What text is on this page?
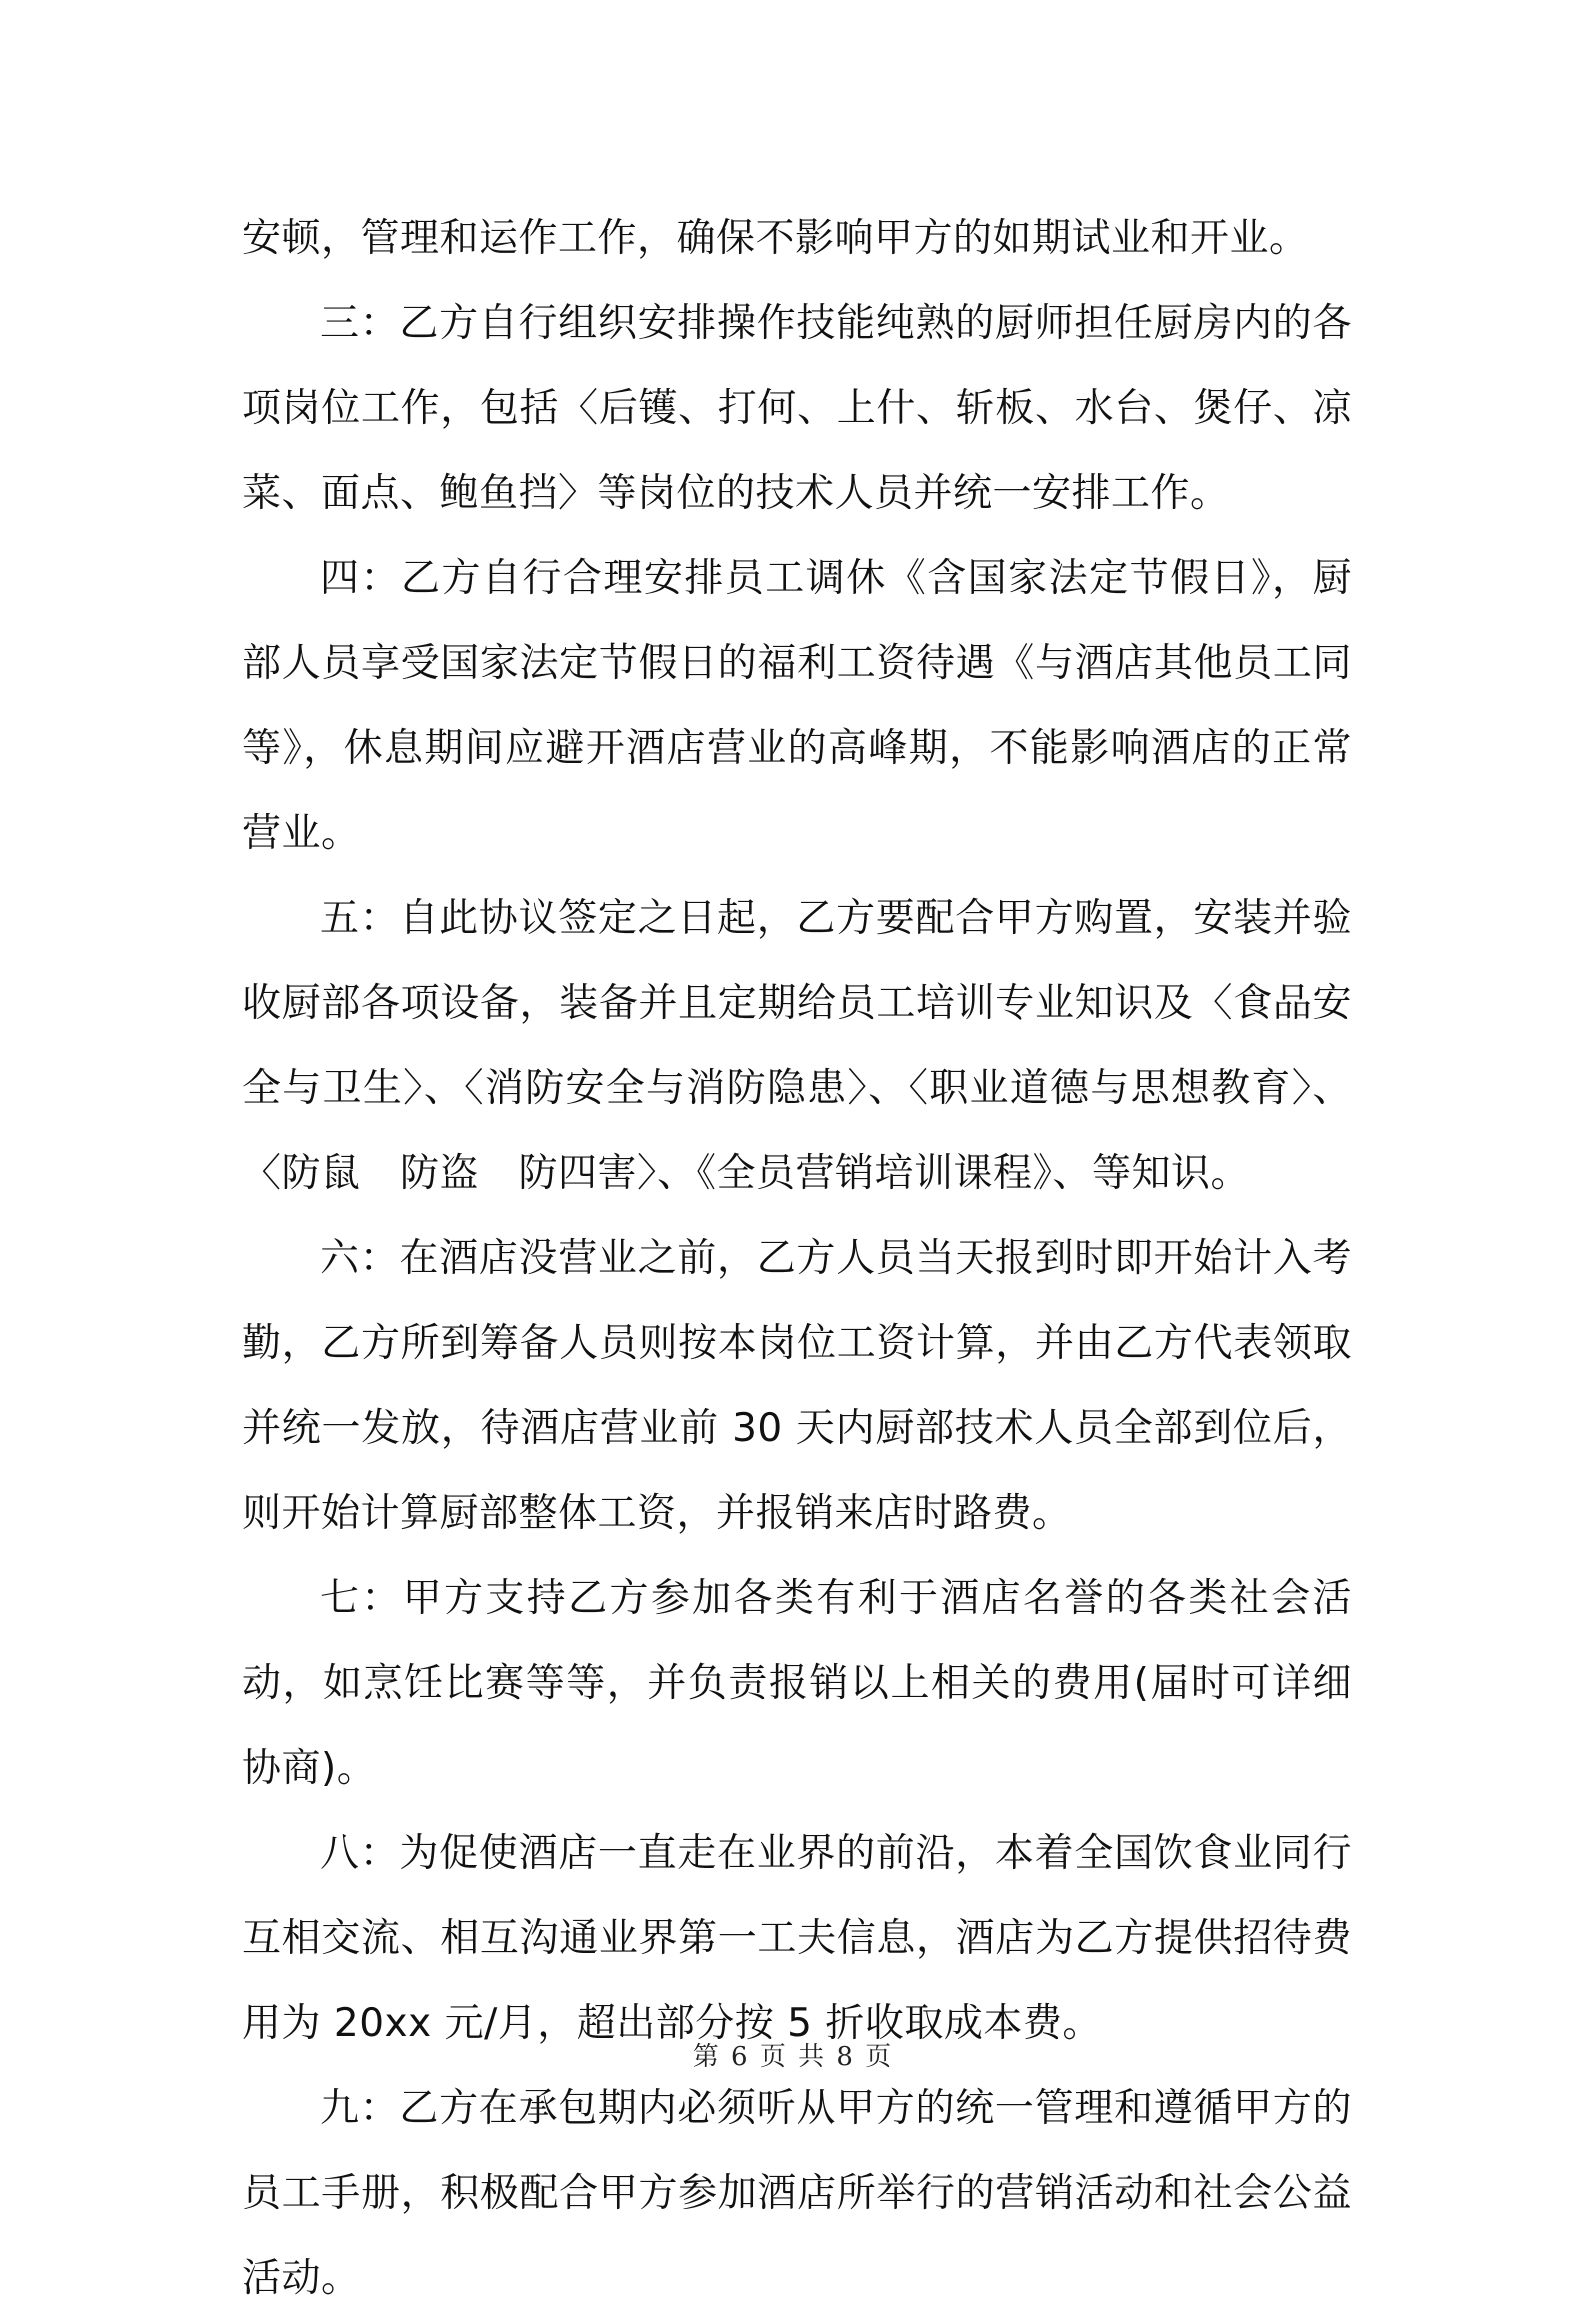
安顿，管理和运作工作，确保不影响甲方的如期试业和开业。

三：乙方自行组织安排操作技能纯熟的厨师担任厨房内的各项岗位工作，包括〈后镬、打何、上什、斩板、水台、煲仔、凉菜、面点、鲍鱼挡〉等岗位的技术人员并统一安排工作。

四：乙方自行合理安排员工调休《含国家法定节假日》，厨部人员享受国家法定节假日的福利工资待遇《与酒店其他员工同等》，休息期间应避开酒店营业的高峰期，不能影响酒店的正常营业。

五：自此协议签定之日起，乙方要配合甲方购置，安装并验收厨部各项设备，装备并且定期给员工培训专业知识及〈食品安全与卫生〉、〈消防安全与消防隐患〉、〈职业道德与思想教育〉、〈防鼠　防盗　防四害〉、《全员营销培训课程》、等知识。

六：在酒店没营业之前，乙方人员当天报到时即开始计入考勤，乙方所到筹备人员则按本岗位工资计算，并由乙方代表领取并统一发放，待酒店营业前 30 天内厨部技术人员全部到位后，则开始计算厨部整体工资，并报销来店时路费。

七：甲方支持乙方参加各类有利于酒店名誉的各类社会活动，如烹饪比赛等等，并负责报销以上相关的费用(届时可详细协商)。

八：为促使酒店一直走在业界的前沿，本着全国饮食业同行互相交流、相互沟通业界第一工夫信息，酒店为乙方提供招待费用为 20xx 元/月，超出部分按 5 折收取成本费。

九：乙方在承包期内必须听从甲方的统一管理和遵循甲方的员工手册，积极配合甲方参加酒店所举行的营销活动和社会公益活动。

第 6 页 共 8 页
